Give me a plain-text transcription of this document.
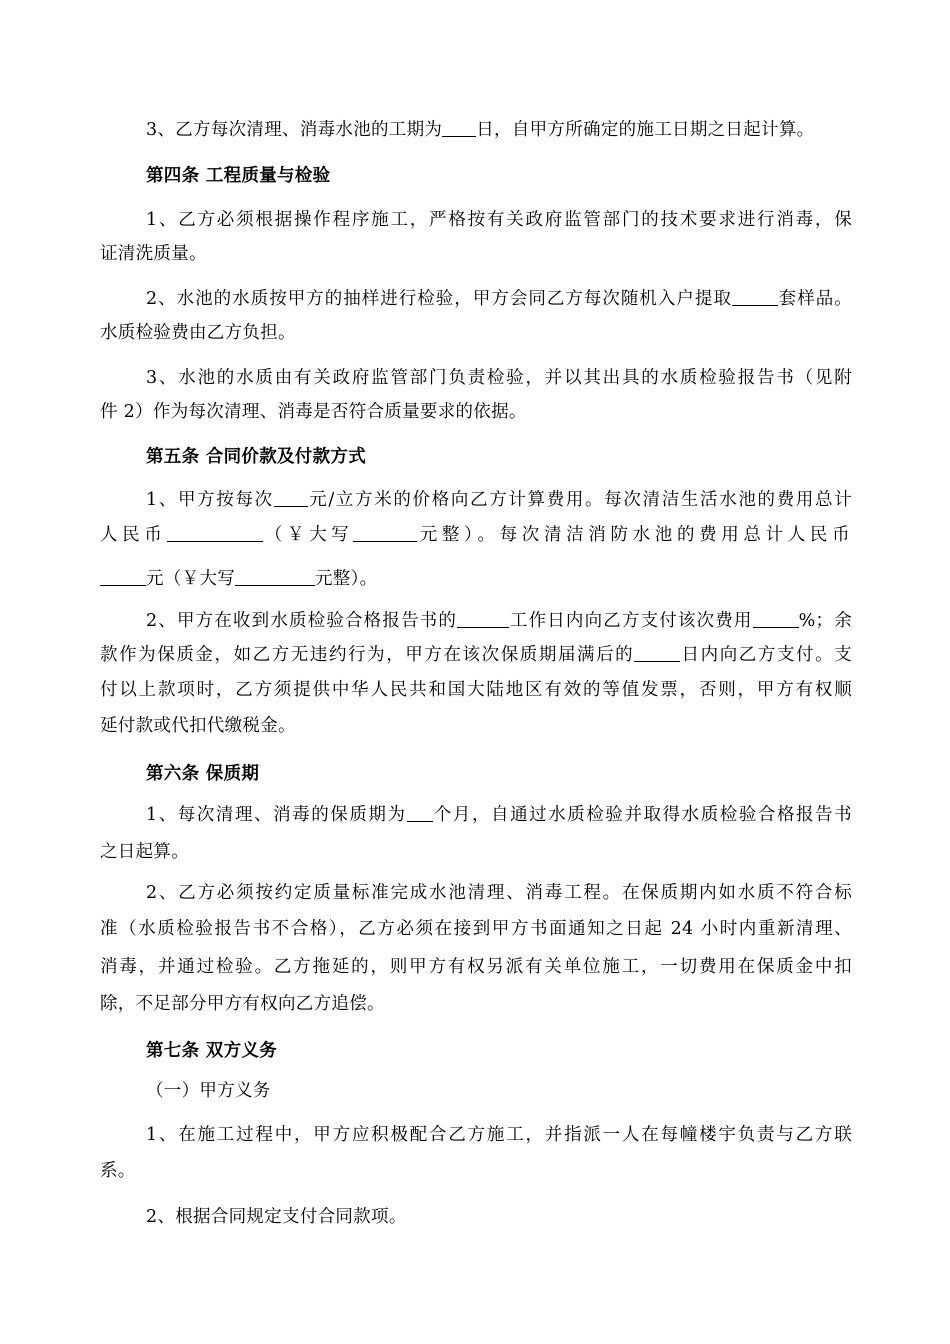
3、乙方每次清理、消毒水池的工期为 日，自甲方所确定的施工日期之日起计算。
第四条 工程质量与检验
1、乙方必须根据操作程序施工，严格按有关政府监管部门的技术要求进行消毒，保
证清洗质量。
2、水池的水质按甲方的抽样进行检验，甲方会同乙方每次随机入户提取	套样品。
水质检验费由乙方负担。
3、水池的水质由有关政府监管部门负责检验，并以其出具的水质检验报告书（见附
件 2）作为每次清理、消毒是否符合质量要求的依据。
第五条 合同价款及付款方式
1、甲方按每次 元/立方米的价格向乙方计算费用。每次清洁生活水池的费用总计
人民币	（￥大写	元整）。每次清洁消防水池的费用总计人民币
元（￥大写	元整）。
2、甲方在收到水质检验合格报告书的	工作日内向乙方支付该次费用	%；余
款作为保质金，如乙方无违约行为，甲方在该次保质期届满后的	日内向乙方支付。支
付以上款项时，乙方须提供中华人民共和国大陆地区有效的等值发票，否则，甲方有权顺
延付款或代扣代缴税金。
第六条 保质期
1、每次清理、消毒的保质期为 个月，自通过水质检验并取得水质检验合格报告书
之日起算。
2、乙方必须按约定质量标准完成水池清理、消毒工程。在保质期内如水质不符合标
准（水质检验报告书不合格），乙方必须在接到甲方书面通知之日起 24 小时内重新清理、
消毒，并通过检验。乙方拖延的，则甲方有权另派有关单位施工，一切费用在保质金中扣
除，不足部分甲方有权向乙方追偿。
第七条 双方义务
（一）甲方义务
1、在施工过程中，甲方应积极配合乙方施工，并指派一人在每幢楼宇负责与乙方联
系。
2、根据合同规定支付合同款项。
